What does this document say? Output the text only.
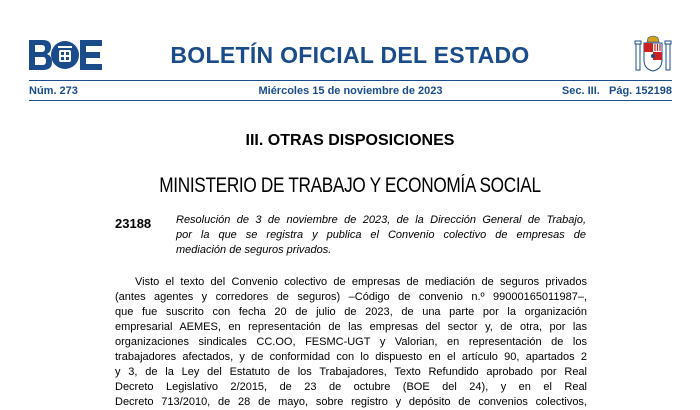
BOLETÍN OFICIAL DEL ESTADO
Núm. 273	Miércoles 15 de noviembre de 2023	Sec. III. Pág. 152198
III. OTRAS DISPOSICIONES
MINISTERIO DE TRABAJO Y ECONOMÍA SOCIAL
23188 Resolución de 3 de noviembre de 2023, de la Dirección General de Trabajo,
por la que se registra y publica el Convenio colectivo de empresas de
mediación de seguros privados.
Visto el texto del Convenio colectivo de empresas de mediación de seguros privados
(antes agentes y corredores de seguros) –Código de convenio n.º 99000165011987–,
que fue suscrito con fecha 20 de julio de 2023, de una parte por la organización
empresarial AEMES, en representación de las empresas del sector y, de otra, por las
organizaciones sindicales CC.OO, FESMC-UGT y Valorian, en representación de los
trabajadores afectados, y de conformidad con lo dispuesto en el artículo 90, apartados 2
y 3, de la Ley del Estatuto de los Trabajadores, Texto Refundido aprobado por Real
Decreto Legislativo 2/2015, de 23 de octubre (BOE del 24), y en el Real
Decreto 713/2010, de 28 de mayo, sobre registro y depósito de convenios colectivos,
